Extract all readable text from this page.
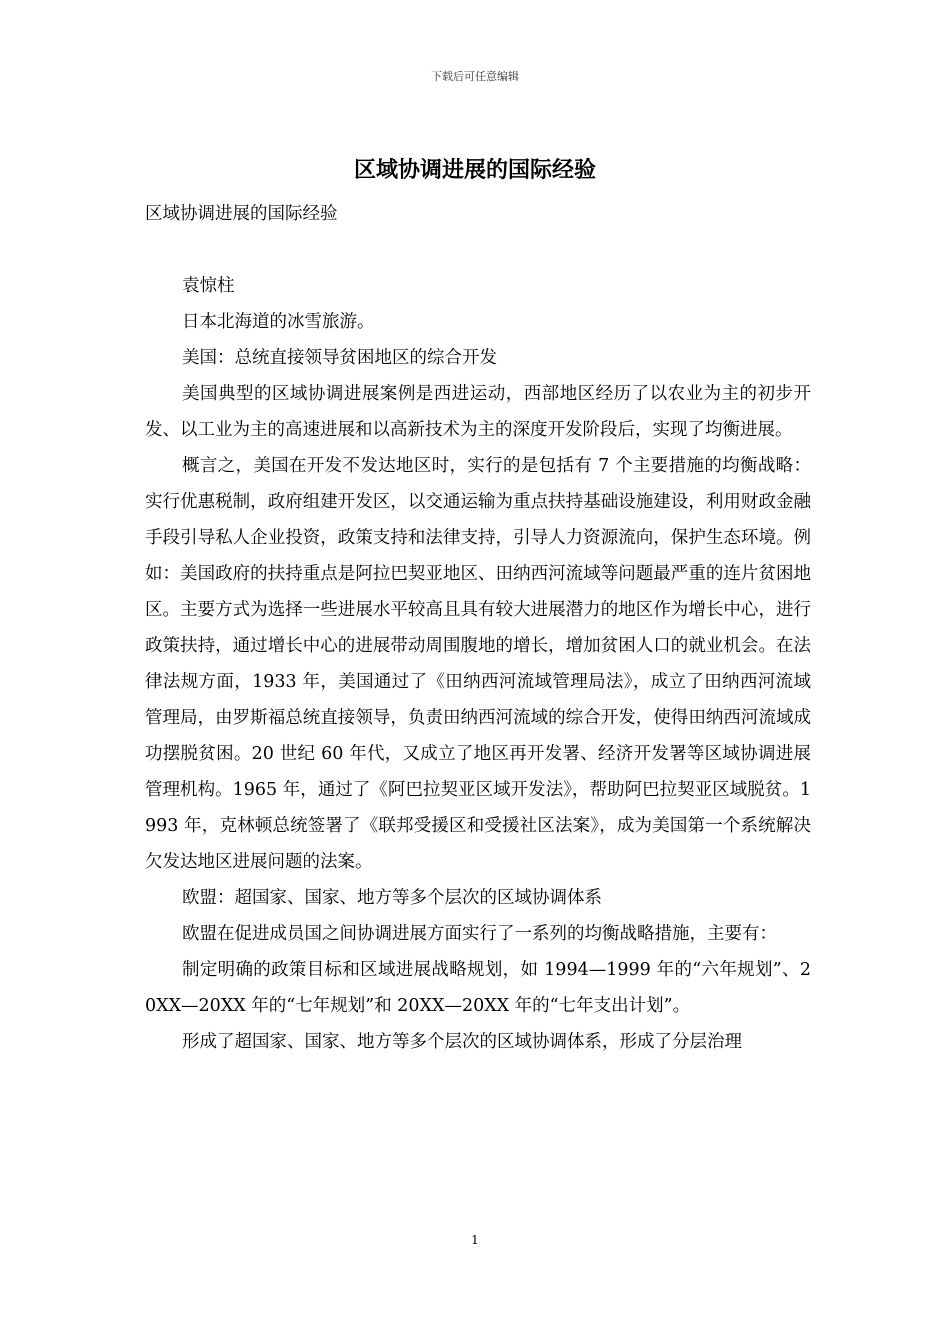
下载后可任意编辑
区域协调进展的国际经验

区域协调进展的国际经验

袁惊柱

日本北海道的冰雪旅游。

美国：总统直接领导贫困地区的综合开发

美国典型的区域协调进展案例是西进运动，西部地区经历了以农业为主的初步开发、以工业为主的高速进展和以高新技术为主的深度开发阶段后，实现了均衡进展。

概言之，美国在开发不发达地区时，实行的是包括有 7 个主要措施的均衡战略：实行优惠税制，政府组建开发区，以交通运输为重点扶持基础设施建设，利用财政金融手段引导私人企业投资，政策支持和法律支持，引导人力资源流向，保护生态环境。例如：美国政府的扶持重点是阿拉巴契亚地区、田纳西河流域等问题最严重的连片贫困地区。主要方式为选择一些进展水平较高且具有较大进展潜力的地区作为增长中心，进行政策扶持，通过增长中心的进展带动周围腹地的增长，增加贫困人口的就业机会。在法律法规方面，1933 年，美国通过了《田纳西河流域管理局法》，成立了田纳西河流域管理局，由罗斯福总统直接领导，负责田纳西河流域的综合开发，使得田纳西河流域成功摆脱贫困。20 世纪 60 年代，又成立了地区再开发署、经济开发署等区域协调进展管理机构。1965 年，通过了《阿巴拉契亚区域开发法》，帮助阿巴拉契亚区域脱贫。1993 年，克林顿总统签署了《联邦受援区和受援社区法案》，成为美国第一个系统解决欠发达地区进展问题的法案。

欧盟：超国家、国家、地方等多个层次的区域协调体系

欧盟在促进成员国之间协调进展方面实行了一系列的均衡战略措施，主要有：

制定明确的政策目标和区域进展战略规划，如 1994—1999 年的“六年规划”、20XX—20XX 年的“七年规划”和 20XX—20XX 年的“七年支出计划”。

形成了超国家、国家、地方等多个层次的区域协调体系，形成了分层治理

1
